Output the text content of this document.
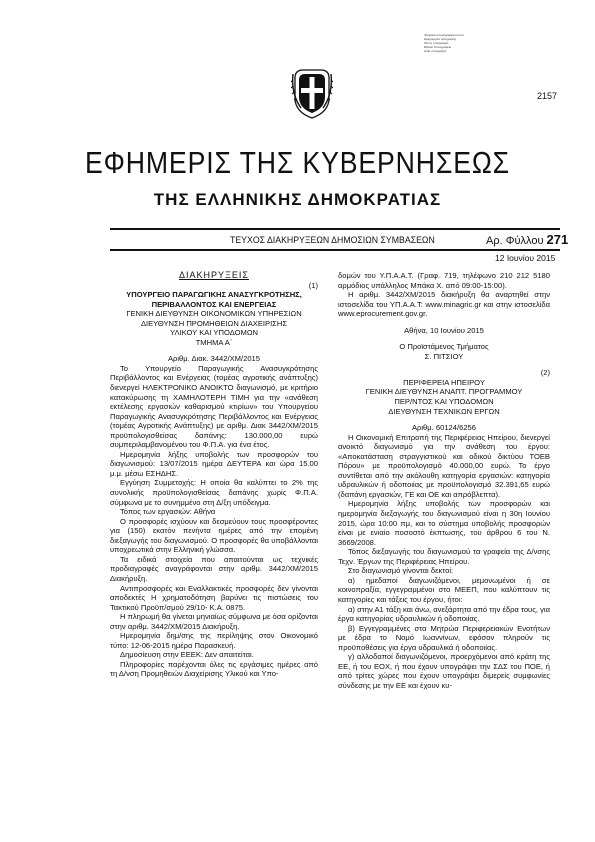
2157
Ψηφιακά υπογεγραμμένο από
Ημερομηνία υπογραφής
Τόπος υπογραφής
Εθνικό Τυπογραφείο
Αιτία υπογραφής
ΕΦΗΜΕΡΙΣ ΤΗΣ ΚΥΒΕΡΝΗΣΕΩΣ
ΤΗΣ ΕΛΛΗΝΙΚΗΣ ΔΗΜΟΚΡΑΤΙΑΣ
ΤΕΥΧΟΣ ΔΙΑΚΗΡΥΞΕΩΝ ΔΗΜΟΣΙΩΝ ΣΥΜΒΑΣΕΩΝ	Αρ. Φύλλου 271
12 Ιουνίου 2015

ΔΙΑΚΗΡΥΞΕΙΣ

(1)

ΥΠΟΥΡΓΕΙΟ ΠΑΡΑΓΩΓΙΚΗΣ ΑΝΑΣΥΓΚΡΟΤΗΣΗΣ,

ΠΕΡΙΒΑΛΛΟΝΤΟΣ ΚΑΙ ΕΝΕΡΓΕΙΑΣ

ΓΕΝΙΚΗ ΔΙΕΥΘΥΝΣΗ ΟΙΚΟΝΟΜΙΚΩΝ ΥΠΗΡΕΣΙΩΝ

ΔΙΕΥΘΥΝΣΗ ΠΡΟΜΗΘΕΙΩΝ ΔΙΑΧΕΙΡΙΣΗΣ

ΥΛΙΚΟΥ ΚΑΙ ΥΠΟΔΟΜΩΝ

ΤΜΗΜΑ Α΄

Αριθμ. Διακ. 3442/ΧΜ/2015

Το Υπουργείο Παραγωγικής Ανασυγκρότησης Περιβάλλοντος και Ενέργειας (τομέας αγροτικής ανάπτυξης) διενεργεί ΗΛΕΚΤΡΟΝΙΚΟ ΑΝΟΙΚΤΟ διαγωνισμό, με κριτήριο κατακύρωσης τη ΧΑΜΗΛΟΤΕΡΗ ΤΙΜΗ για την «ανάθεση εκτέλεσης εργασιών καθαρισμού κτιρίων» του Υπουργείου Παραγωγικής Ανασυγκρότησης Περιβάλλοντος και Ενέργειας (τομέας Αγροτικής Ανάπτυξης) με αριθμ. Διακ 3442/ΧΜ/2015 προϋπολογισθείσας δαπάνης: 130.000,00 ευρώ συμπεριλαμβανομένου του Φ.Π.Α. για ένα έτος.

Ημερομηνία λήξης υποβολής των προσφορών του διαγωνισμού: 13/07/2015 ημέρα ΔΕΥΤΕΡΑ και ώρα 15.00 μ.μ. μέσω ΕΣΗΔΗΣ.

Εγγύηση Συμμετοχής: Η οποία θα καλύπτει το 2% της συνολικής προϋπολογισθείσας δαπάνης χωρίς Φ.Π.Α. σύμφωνα με το συνημμένο στη Δ/ξη υπόδειγμα.

Τόπος των εργασιών: Αθήνα

Ο προσφορές ισχύουν και δεσμεύουν τους προσφέροντες για (150) εκατόν πενήντα ημέρες από την επομένη διεξαγωγής του διαγωνισμού. Ο προσφορές θα υποβάλλονται υποχρεωτικά στην Ελληνική γλώσσα.

Τα ειδικά στοιχεία που απαιτούνται ως τεχνικές προδιαγραφές αναγράφονται στην αριθμ. 3442/ΧΜ/2015 Διακήρυξη.

Αντιπροσφορές και Εναλλακτικές προσφορές δεν γίνονται αποδεκτές Η χρηματοδότηση βαρύνει τις πιστώσεις του Τακτικού Προϋπ/σμού 29/10- Κ.Α. 0875.

Η πληρωμή θα γίνεται μηνιαίως σύμφωνα με όσα ορίζονται στην αριθμ. 3442/ΧΜ/2015 Διακήρυξη.

Ημερομηνία δημ/σης της περίληψης στον Οικονομικό τύπο: 12-06-2015 ημέρα Παρασκευή.

Δημοσίευση στην ΕΕΕΚ: Δεν απαιτείται.

Πληροφορίες παρέχονται όλες τις εργάσιμες ημέρες από τη Δ/νση Προμηθειών Διαχείρισης Υλικού και Υπο-

δομών του Υ.Π.Α.Α.Τ. (Γραφ. 719, τηλέφωνο 210 212 5180 αρμόδιος υπάλληλος Μπάκα Χ. από 09:00-15:00).

Η αριθμ. 3442/ΧΜ/2015 διακήρυξη θα αναρτηθεί στην ιστοσελίδα του ΥΠ.Α.Α.Τ: www.minagric.gr και στην ιστοσελίδα www.eprocurement.gov.gr.

Αθήνα, 10 Ιουνίου 2015

Ο Προϊστάμενος Τμήματος

Σ. ΠΙΤΣΙΟΥ

(2)

ΠΕΡΙΦΕΡΕΙΑ ΗΠΕΙΡΟΥ

ΓΕΝΙΚΗ ΔΙΕΥΘΥΝΣΗ ΑΝΑΠΤ. ΠΡΟΓΡΑΜΜΟΥ

ΠΕΡ/ΝΤΟΣ ΚΑΙ ΥΠΟΔΟΜΩΝ

ΔΙΕΥΘΥΝΣΗ ΤΕΧΝΙΚΩΝ ΕΡΓΩΝ

Αριθμ. 60124/6256

Η Οικονομική Επιτροπή της Περιφέρειας Ηπείρου, διενεργεί ανοικτό διαγωνισμό για την ανάθεση του έργου: «Αποκατάσταση στραγγιστικού και οδικού δικτύου ΤΟΕΒ Πόρου» με προϋπολογισμό 40.000,00 ευρώ. Το έργο συντίθεται από την ακόλουθη κατηγορία εργασιών: κατηγορία υδραυλικών ή οδοποιίας με προϋπολογισμό 32.391,65 ευρώ (δαπάνη εργασιών, ΓΕ και ΟΕ και απρόβλεπτα).

Ημερομηνία λήξης υποβολής των προσφορών και ημερομηνία διεξαγωγής του διαγωνισμού είναι η 30η Ιουνίου 2015, ώρα 10:00 πμ, και το σύστημα υποβολής προσφορών είναι με ενιαίο ποσοστό έκπτωσης, του άρθρου 6 του Ν. 3669/2008.

Τόπος διεξαγωγής του διαγωνισμού τα γραφεία της Δ/νσης Τεχν. Έργων της Περιφέρειας Ηπείρου.

Στο διαγωνισμό γίνονται δεκτοί:

α) ημεδαποί διαγωνιζόμενοι, μεμονωμένοι ή σε κοινοπραξία, εγγεγραμμένοι στο ΜΕΕΠ, που καλύπτουν τις κατηγορίες και τάξεις του έργου, ήτοι:

α) στην Α1 τάξη και άνω, ανεξάρτητα από την έδρα τους, για έργα κατηγορίας υδραυλικών ή οδοποιίας.

β) Εγγεγραμμένες στα Μητρώα Περιφερειακών Ενοτήτων με έδρα το Νομό Ιωαννίνων, εφόσον πληρούν τις προϋποθέσεις για έργα υδραυλικά ή οδοποιίας.

γ) αλλοδαποί διαγωνιζόμενοι, προερχόμενοι από κράτη της ΕΕ, ή του ΕΟΧ, ή που έχουν υπογράψει την ΣΔΣ του ΠΟΕ, ή από τρίτες χώρες που έχουν υπογράψει διμερείς συμφωνίες σύνδεσης με την ΕΕ και έχουν κυ-
